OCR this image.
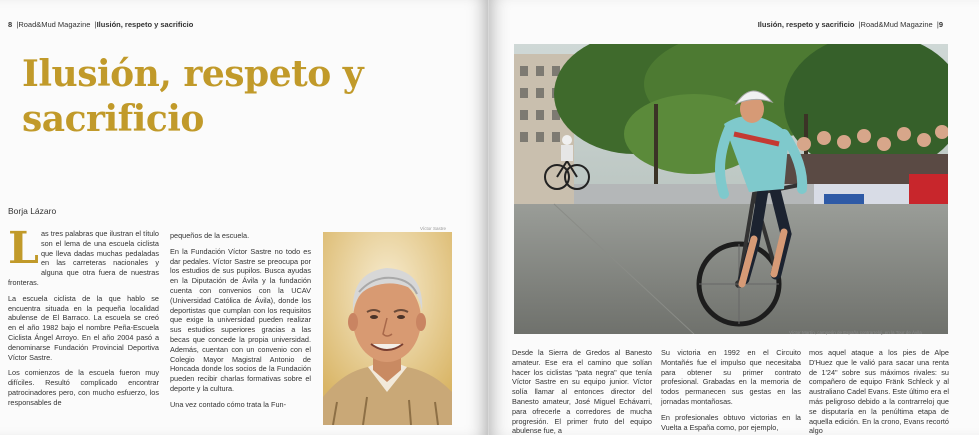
8  |Road&Mud Magazine  |Ilusión, respeto y sacrificio
Ilusión, respeto y
sacrificio
Borja Lázaro

Las tres palabras que ilustran el título son el lema de una escuela ciclista que lleva dadas muchas pedaladas en las carreteras nacionales y alguna que otra fuera de nuestras fronteras.

La escuela ciclista de la que hablo se encuentra situada en la pequeña localidad abulense de El Barraco. La escuela se creó en el año 1982 bajo el nombre Peña-Escuela Ciclista Ángel Arroyo. En el año 2004 pasó a denominarse Fundación Provincial Deportiva Víctor Sastre.

Los comienzos de la escuela fueron muy difíciles. Resultó complicado encontrar patrocinadores pero, con mucho esfuerzo, los responsables de

pequeños de la escuela.

En la Fundación Víctor Sastre no todo es dar pedales. Víctor Sastre se preocupa por los estudios de sus pupilos. Busca ayudas en la Diputación de Ávila y la fundación cuenta con convenios con la UCAV (Universidad Católica de Ávila), donde los deportistas que cumplan con los requisitos que exige la universidad pueden realizar sus estudios superiores gracias a las becas que concede la propia universidad. Además, cuentan con un convenio con el Colegio Mayor Magistral Antonio de Honcada donde los socios de la Fundación pueden recibir charlas formativas sobre el deporte y la cultura.

Una vez contado cómo trata la Fun-

Víctor Sastre
Ilusión, respeto y sacrificio  |Road&Mud Magazine  |9
Víctor Martín, campeón de España contrarreloj, en la Tour de Ávila

Desde la Sierra de Gredos al Banesto amateur. Ese era el camino que solían hacer los ciclistas "pata negra" que tenía Víctor Sastre en su equipo junior. Víctor solía llamar al entonces director del Banesto amateur, José Miguel Echávarri, para ofrecerle a corredores de mucha progresión. El primer fruto del equipo abulense fue, a

Su victoria en 1992 en el Circuito Montañés fue el impulso que necesitaba para obtener su primer contrato profesional. Grabadas en la memoria de todos permanecen sus gestas en las jornadas montañosas.

En profesionales obtuvo victorias en la Vuelta a España como, por ejemplo,

mos aquel ataque a los pies de Alpe D'Huez que le valió para sacar una renta de 1'24" sobre sus máximos rivales: su compañero de equipo Fränk Schleck y al australiano Cadel Evans. Este último era el más peligroso debido a la contrarreloj que se disputaría en la penúltima etapa de aquella edición. En la crono, Evans recortó algo
